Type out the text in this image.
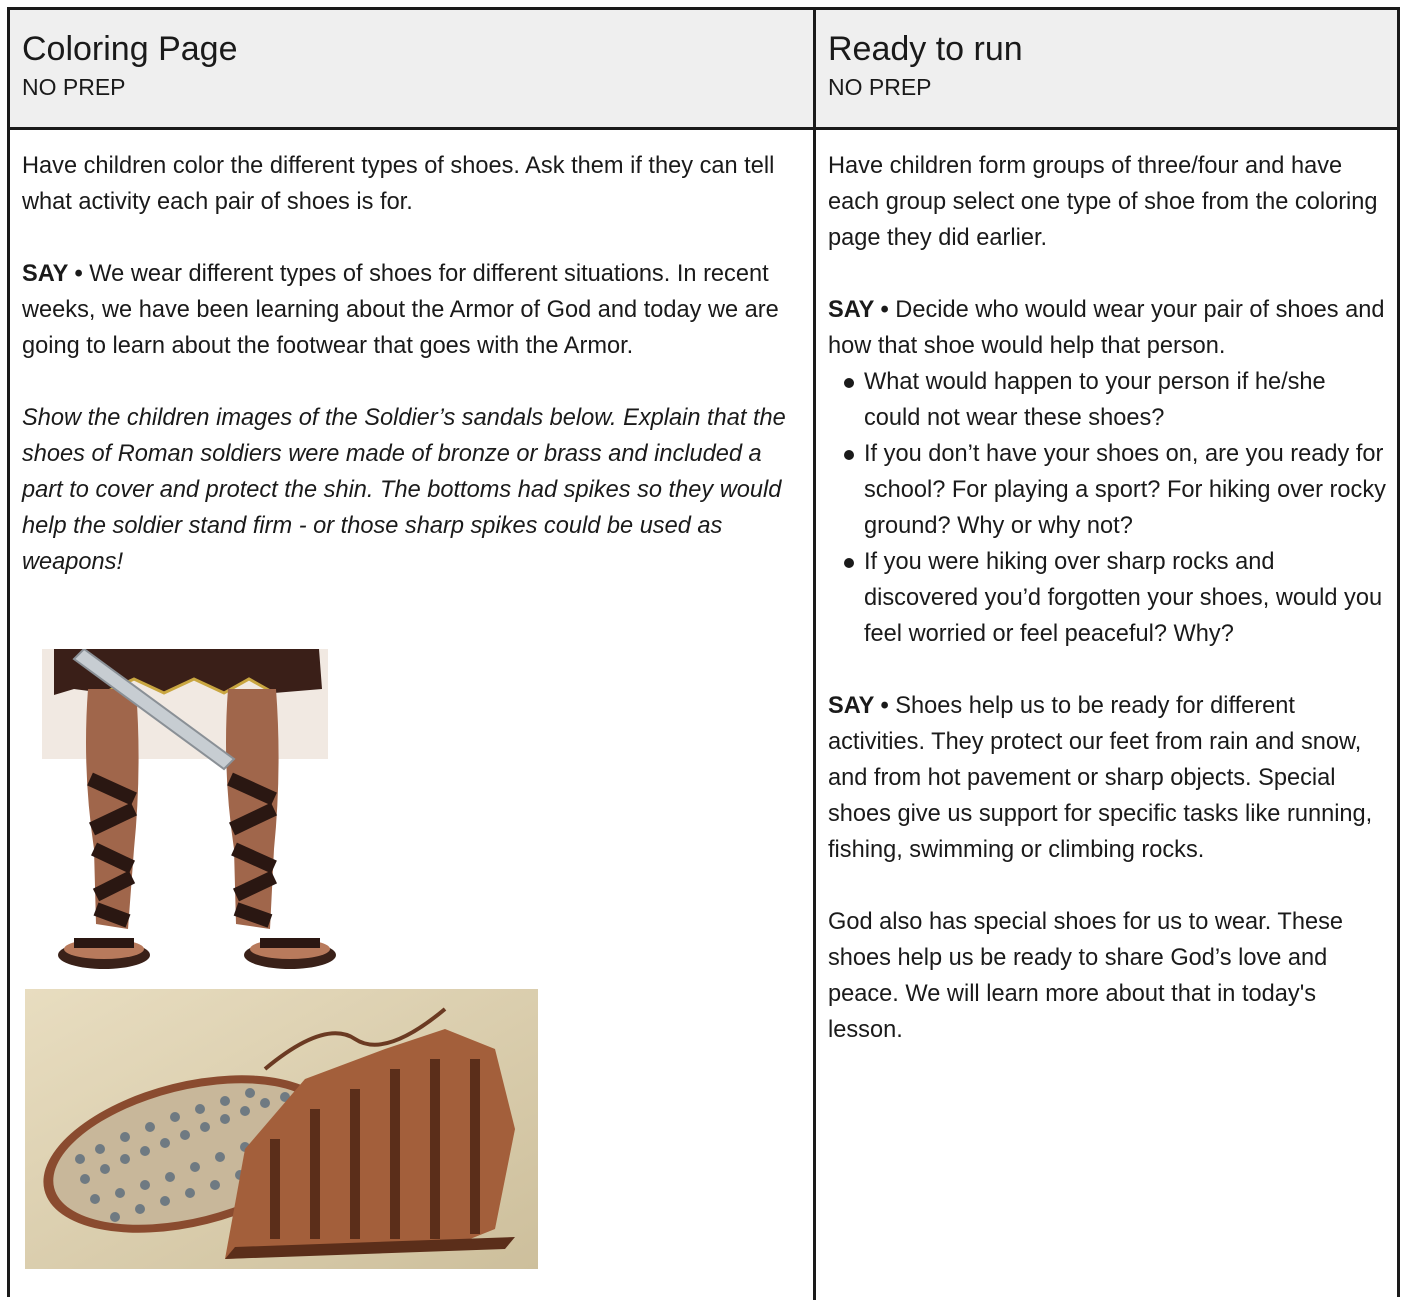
Coloring Page
NO PREP
Ready to run
NO PREP

Have children color the different types of shoes. Ask them if they can tell what activity each pair of shoes is for.

SAY • We wear different types of shoes for different situations. In recent weeks, we have been learning about the Armor of God and today we are going to learn about the footwear that goes with the Armor.

Show the children images of the Soldier’s sandals below. Explain that the shoes of Roman soldiers were made of bronze or brass and included a part to cover and protect the shin. The bottoms had spikes so they would help the soldier stand firm - or those sharp spikes could be used as weapons!

Have children form groups of three/four and have each group select one type of shoe from the coloring page they did earlier.

SAY • Decide who would wear your pair of shoes and how that shoe would help that person.

What would happen to your person if he/she could not wear these shoes?
If you don’t have your shoes on, are you ready for school? For playing a sport? For hiking over rocky ground? Why or why not?
If you were hiking over sharp rocks and discovered you’d forgotten your shoes, would you feel worried or feel peaceful? Why?

SAY • Shoes help us to be ready for different activities. They protect our feet from rain and snow, and from hot pavement or sharp objects. Special shoes give us support for specific tasks like running, fishing, swimming or climbing rocks.

God also has special shoes for us to wear. These shoes help us be ready to share God’s love and peace. We will learn more about that in today's lesson.
